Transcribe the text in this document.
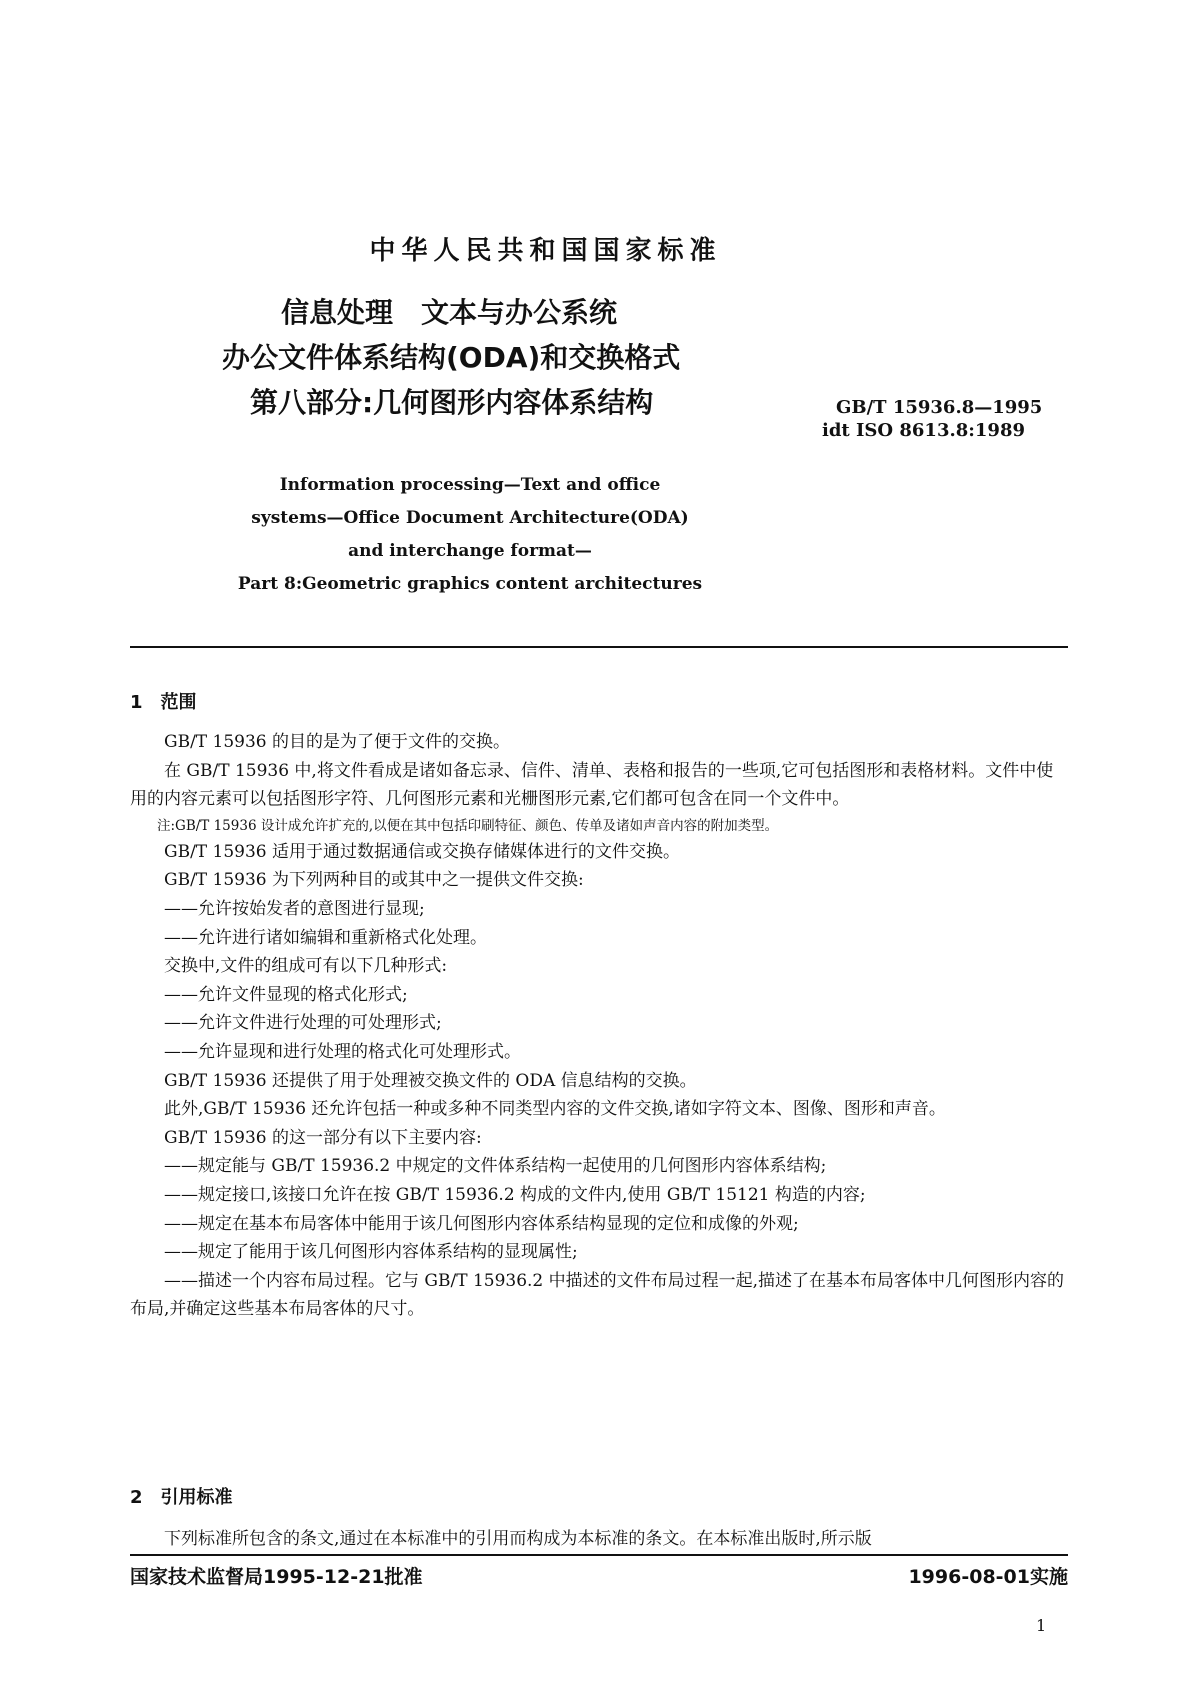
中华人民共和国国家标准
信息处理　文本与办公系统
办公文件体系结构(ODA)和交换格式
第八部分:几何图形内容体系结构	GB/T 15936.8—1995
idt ISO 8613.8:1989
Information processing—Text and office
systems—Office Document Architecture(ODA)
and interchange format—
Part 8:Geometric graphics content architectures
1　范围

GB/T 15936 的目的是为了便于文件的交换。

在 GB/T 15936 中,将文件看成是诸如备忘录、信件、清单、表格和报告的一些项,它可包括图形和表格材料。文件中使用的内容元素可以包括图形字符、几何图形元素和光栅图形元素,它们都可包含在同一个文件中。

注:GB/T 15936 设计成允许扩充的,以便在其中包括印刷特征、颜色、传单及诸如声音内容的附加类型。

GB/T 15936 适用于通过数据通信或交换存储媒体进行的文件交换。

GB/T 15936 为下列两种目的或其中之一提供文件交换:

——允许按始发者的意图进行显现;

——允许进行诸如编辑和重新格式化处理。

交换中,文件的组成可有以下几种形式:

——允许文件显现的格式化形式;

——允许文件进行处理的可处理形式;

——允许显现和进行处理的格式化可处理形式。

GB/T 15936 还提供了用于处理被交换文件的 ODA 信息结构的交换。

此外,GB/T 15936 还允许包括一种或多种不同类型内容的文件交换,诸如字符文本、图像、图形和声音。

GB/T 15936 的这一部分有以下主要内容:

——规定能与 GB/T 15936.2 中规定的文件体系结构一起使用的几何图形内容体系结构;

——规定接口,该接口允许在按 GB/T 15936.2 构成的文件内,使用 GB/T 15121 构造的内容;

——规定在基本布局客体中能用于该几何图形内容体系结构显现的定位和成像的外观;

——规定了能用于该几何图形内容体系结构的显现属性;

——描述一个内容布局过程。它与 GB/T 15936.2 中描述的文件布局过程一起,描述了在基本布局客体中几何图形内容的布局,并确定这些基本布局客体的尺寸。

2　引用标准

下列标准所包含的条文,通过在本标准中的引用而构成为本标准的条文。在本标准出版时,所示版

国家技术监督局1995-12-21批准	1996-08-01实施
1
